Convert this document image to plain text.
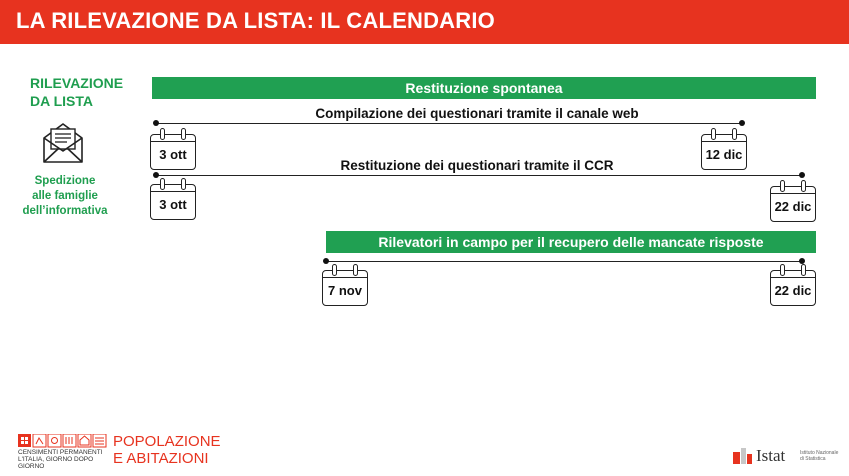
LA RILEVAZIONE DA LISTA: IL CALENDARIO
RILEVAZIONE
DA LISTA
Spedizione
alle famiglie
dell’informativa
Restituzione spontanea
Compilazione dei questionari tramite il canale web
3 ott	12 dic
Restituzione dei questionari tramite il CCR
3 ott	22 dic
Rilevatori in campo per il recupero delle mancate risposte
7 nov	22 dic
CENSIMENTI PERMANENTI
L'ITALIA, GIORNO DOPO GIORNO
POPOLAZIONE
E ABITAZIONI	Istat	Istituto Nazionale
di Statistica
